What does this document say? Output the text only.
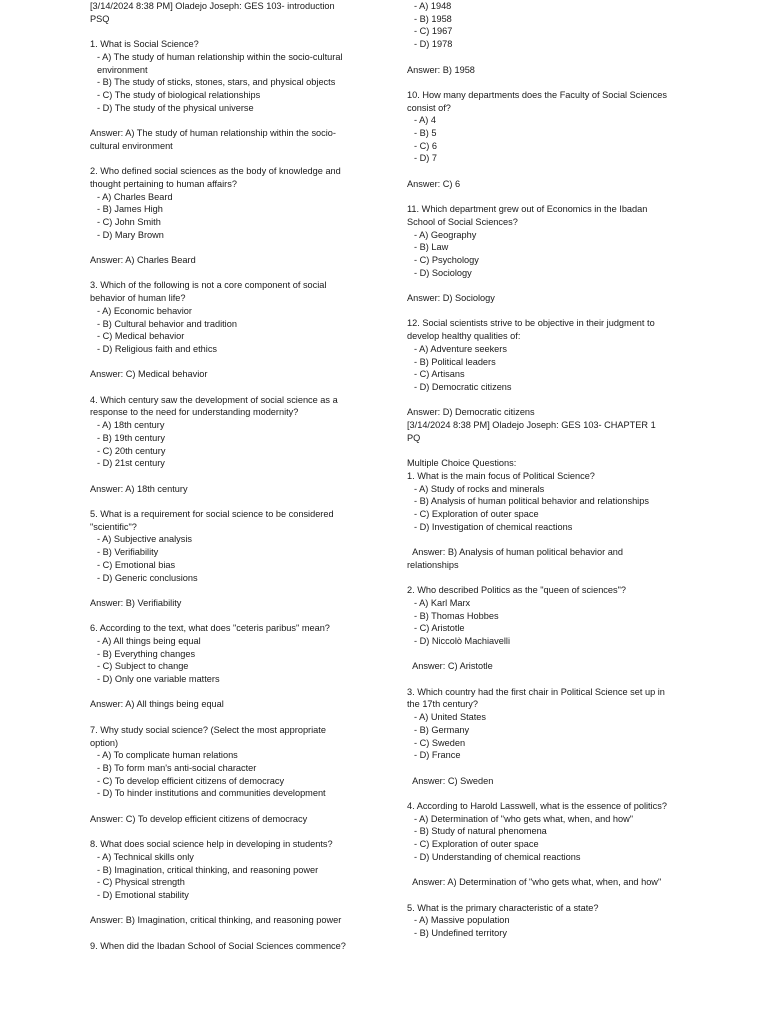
[3/14/2024 8:38 PM] Oladejo Joseph: GES 103- introduction PSQ
1. What is Social Science?
- A) The study of human relationship within the socio-cultural environment
- B) The study of sticks, stones, stars, and physical objects
- C) The study of biological relationships
- D) The study of the physical universe
Answer: A) The study of human relationship within the socio-cultural environment
2. Who defined social sciences as the body of knowledge and thought pertaining to human affairs?
- A) Charles Beard
- B) James High
- C) John Smith
- D) Mary Brown
Answer: A) Charles Beard
3. Which of the following is not a core component of social behavior of human life?
- A) Economic behavior
- B) Cultural behavior and tradition
- C) Medical behavior
- D) Religious faith and ethics
Answer: C) Medical behavior
4. Which century saw the development of social science as a response to the need for understanding modernity?
- A) 18th century
- B) 19th century
- C) 20th century
- D) 21st century
Answer: A) 18th century
5. What is a requirement for social science to be considered "scientific"?
- A) Subjective analysis
- B) Verifiability
- C) Emotional bias
- D) Generic conclusions
Answer: B) Verifiability
6. According to the text, what does "ceteris paribus" mean?
- A) All things being equal
- B) Everything changes
- C) Subject to change
- D) Only one variable matters
Answer: A) All things being equal
7. Why study social science? (Select the most appropriate option)
- A) To complicate human relations
- B) To form man's anti-social character
- C) To develop efficient citizens of democracy
- D) To hinder institutions and communities development
Answer: C) To develop efficient citizens of democracy
8. What does social science help in developing in students?
- A) Technical skills only
- B) Imagination, critical thinking, and reasoning power
- C) Physical strength
- D) Emotional stability
Answer: B) Imagination, critical thinking, and reasoning power
9. When did the Ibadan School of Social Sciences commence?
- A) 1948
- B) 1958
- C) 1967
- D) 1978
Answer: B) 1958
10. How many departments does the Faculty of Social Sciences consist of?
- A) 4
- B) 5
- C) 6
- D) 7
Answer: C) 6
11. Which department grew out of Economics in the Ibadan School of Social Sciences?
- A) Geography
- B) Law
- C) Psychology
- D) Sociology
Answer: D) Sociology
12. Social scientists strive to be objective in their judgment to develop healthy qualities of:
- A) Adventure seekers
- B) Political leaders
- C) Artisans
- D) Democratic citizens
Answer: D) Democratic citizens
[3/14/2024 8:38 PM] Oladejo Joseph: GES 103- CHAPTER 1   PQ
Multiple Choice Questions:
1. What is the main focus of Political Science?
- A) Study of rocks and minerals
- B) Analysis of human political behavior and relationships
- C) Exploration of outer space
- D) Investigation of chemical reactions
Answer: B) Analysis of human political behavior and relationships
2. Who described Politics as the "queen of sciences"?
- A) Karl Marx
- B) Thomas Hobbes
- C) Aristotle
- D) Niccolò Machiavelli
Answer: C) Aristotle
3. Which country had the first chair in Political Science set up in the 17th century?
- A) United States
- B) Germany
- C) Sweden
- D) France
Answer: C) Sweden
4. According to Harold Lasswell, what is the essence of politics?
- A) Determination of "who gets what, when, and how"
- B) Study of natural phenomena
- C) Exploration of outer space
- D) Understanding of chemical reactions
Answer: A) Determination of "who gets what, when, and how"
5. What is the primary characteristic of a state?
- A) Massive population
- B) Undefined territory
